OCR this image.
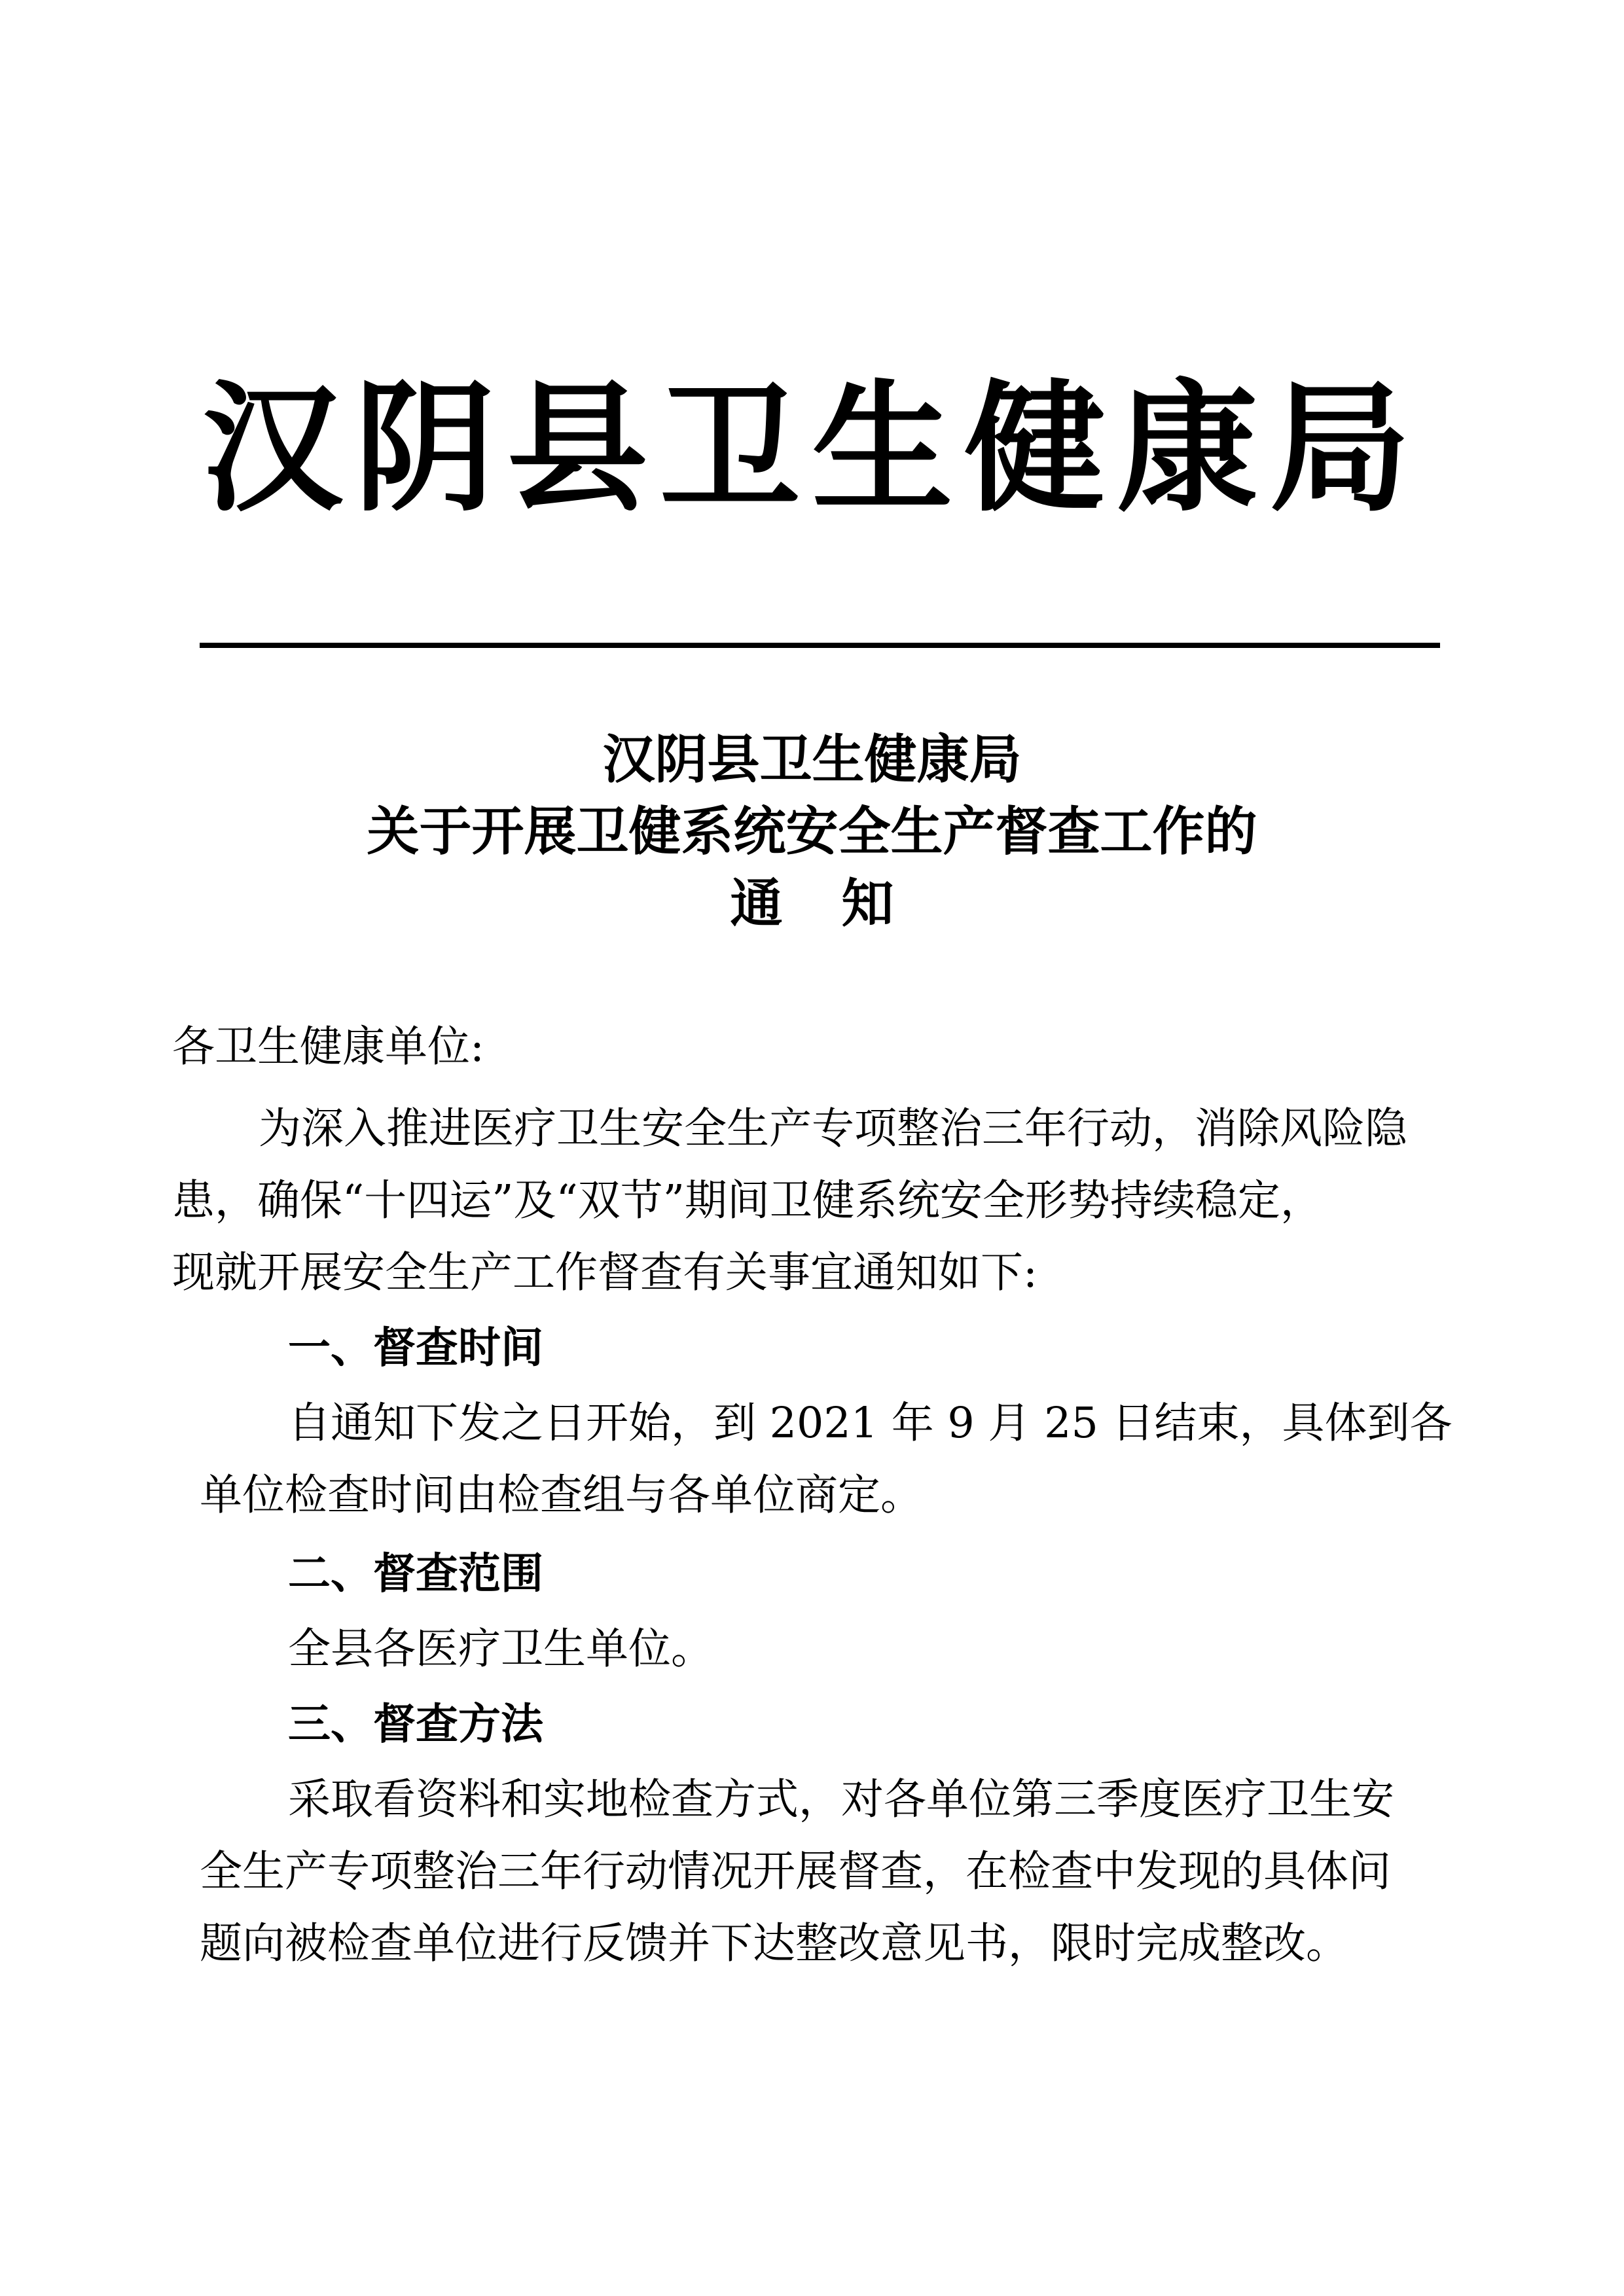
汉阴县卫生健康局
汉阴县卫生健康局
关于开展卫健系统安全生产督查工作的
通知
各卫生健康单位:
为深入推进医疗卫生安全生产专项整治三年行动，消除风险隐
患，确保“十四运”及“双节”期间卫健系统安全形势持续稳定，
现就开展安全生产工作督查有关事宜通知如下:
一、督查时间
自通知下发之日开始，到 2021 年 9 月 25 日结束，具体到各
单位检查时间由检查组与各单位商定。
二、督查范围
全县各医疗卫生单位。
三、督查方法
采取看资料和实地检查方式，对各单位第三季度医疗卫生安
全生产专项整治三年行动情况开展督查，在检查中发现的具体问
题向被检查单位进行反馈并下达整改意见书，限时完成整改。
